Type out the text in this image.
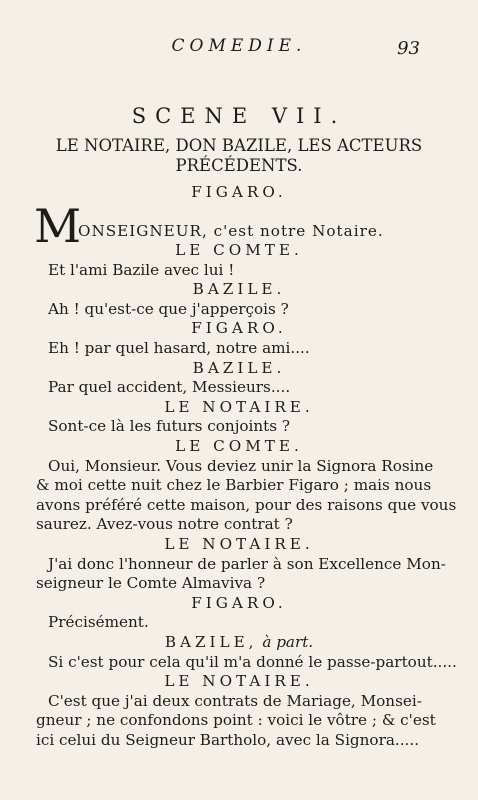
COMEDIE.	93
SCENE VII.
LE NOTAIRE, DON BAZILE, LES ACTEURS PRÉCÉDENTS.
FIGARO.
M
ONSEIGNEUR, c'est notre Notaire.
LE COMTE.
Et l'ami Bazile avec lui !
BAZILE.
Ah ! qu'est-ce que j'apperçois ?
FIGARO.
Eh ! par quel hasard, notre ami....
BAZILE.
Par quel accident, Messieurs....
LE NOTAIRE.
Sont-ce là les futurs conjoints ?
LE COMTE.
Oui, Monsieur. Vous deviez unir la Signora Rosine
& moi cette nuit chez le Barbier Figaro ; mais nous
avons préféré cette maison, pour des raisons que vous
saurez. Avez-vous notre contrat ?
LE NOTAIRE.
J'ai donc l'honneur de parler à son Excellence Mon-
seigneur le Comte Almaviva ?
FIGARO.
Précisément.
BAZILE, à part.
Si c'est pour cela qu'il m'a donné le passe-partout.....
LE NOTAIRE.
C'est que j'ai deux contrats de Mariage, Monsei-
gneur ; ne confondons point : voici le vôtre ; & c'est
ici celui du Seigneur Bartholo, avec la Signora.....
